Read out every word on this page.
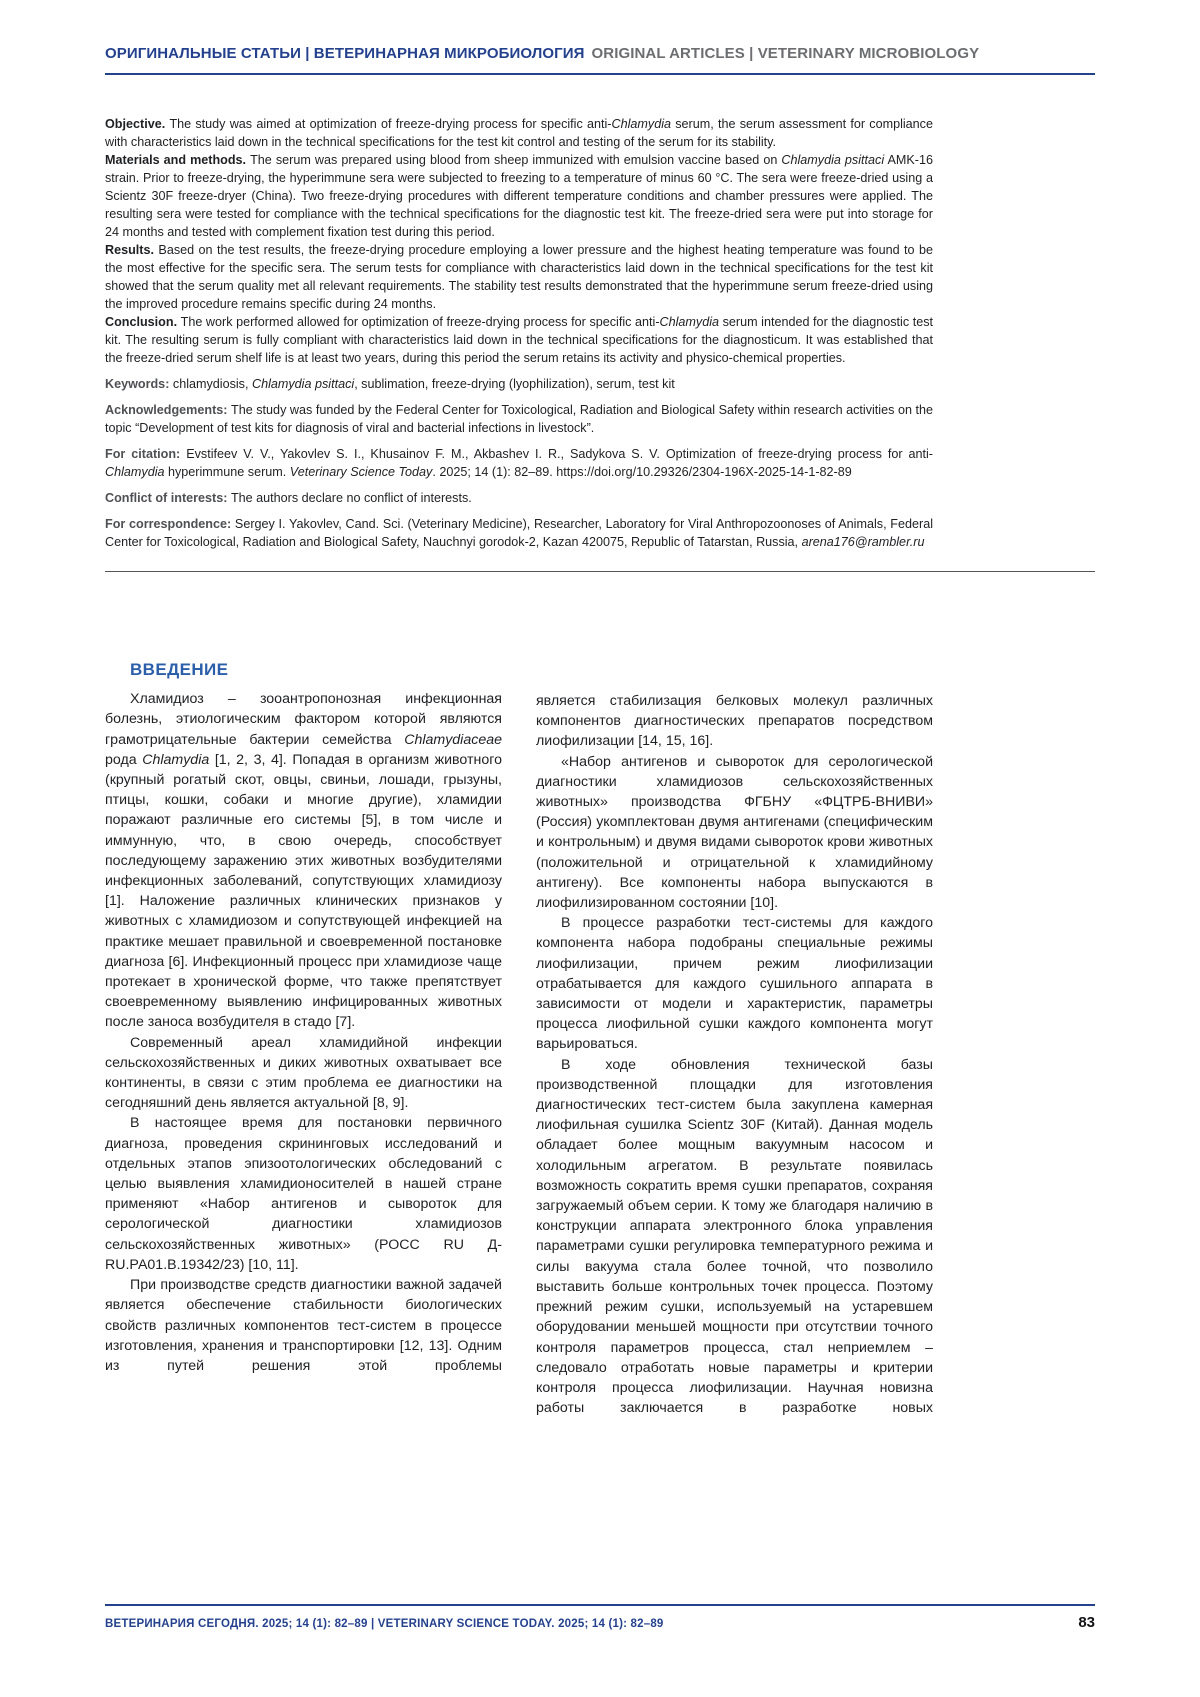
ОРИГИНАЛЬНЫЕ СТАТЬИ | ВЕТЕРИНАРНАЯ МИКРОБИОЛОГИЯ ORIGINAL ARTICLES | VETERINARY MICROBIOLOGY

Objective. The study was aimed at optimization of freeze-drying process for specific anti-Chlamydia serum, the serum assessment for compliance with characteristics laid down in the technical specifications for the test kit control and testing of the serum for its stability.

Materials and methods. The serum was prepared using blood from sheep immunized with emulsion vaccine based on Chlamydia psittaci AMK-16 strain. Prior to freeze-drying, the hyperimmune sera were subjected to freezing to a temperature of minus 60 °C. The sera were freeze-dried using a Scientz 30F freeze-dryer (China). Two freeze-drying procedures with different temperature conditions and chamber pressures were applied. The resulting sera were tested for compliance with the technical specifications for the diagnostic test kit. The freeze-dried sera were put into storage for 24 months and tested with complement fixation test during this period.

Results. Based on the test results, the freeze-drying procedure employing a lower pressure and the highest heating temperature was found to be the most effective for the specific sera. The serum tests for compliance with characteristics laid down in the technical specifications for the test kit showed that the serum quality met all relevant requirements. The stability test results demonstrated that the hyperimmune serum freeze-dried using the improved procedure remains specific during 24 months.

Conclusion. The work performed allowed for optimization of freeze-drying process for specific anti-Chlamydia serum intended for the diagnostic test kit. The resulting serum is fully compliant with characteristics laid down in the technical specifications for the diagnosticum. It was established that the freeze-dried serum shelf life is at least two years, during this period the serum retains its activity and physico-chemical properties.

Keywords: chlamydiosis, Chlamydia psittaci, sublimation, freeze-drying (lyophilization), serum, test kit

Acknowledgements: The study was funded by the Federal Center for Toxicological, Radiation and Biological Safety within research activities on the topic “Development of test kits for diagnosis of viral and bacterial infections in livestock”.

For citation: Evstifeev V. V., Yakovlev S. I., Khusainov F. M., Akbashev I. R., Sadykova S. V. Optimization of freeze-drying process for anti-Chlamydia hyperimmune serum. Veterinary Science Today. 2025; 14 (1): 82–89. https://doi.org/10.29326/2304-196X-2025-14-1-82-89

Conflict of interests: The authors declare no conflict of interests.

For correspondence: Sergey I. Yakovlev, Cand. Sci. (Veterinary Medicine), Researcher, Laboratory for Viral Anthropozoonoses of Animals, Federal Center for Toxicological, Radiation and Biological Safety, Nauchnyi gorodok-2, Kazan 420075, Republic of Tatarstan, Russia, arena176@rambler.ru

ВВЕДЕНИЕ

Хламидиоз – зооантропонозная инфекционная болезнь, этиологическим фактором которой являются грамотрицательные бактерии семейства Chlamydiaceae рода Chlamydia [1, 2, 3, 4]. Попадая в организм животного (крупный рогатый скот, овцы, свиньи, лошади, грызуны, птицы, кошки, собаки и многие другие), хламидии поражают различные его системы [5], в том числе и иммунную, что, в свою очередь, способствует последующему заражению этих животных возбудителями инфекционных заболеваний, сопутствующих хламидиозу [1]. Наложение различных клинических признаков у животных с хламидиозом и сопутствующей инфекцией на практике мешает правильной и своевременной постановке диагноза [6]. Инфекционный процесс при хламидиозе чаще протекает в хронической форме, что также препятствует своевременному выявлению инфицированных животных после заноса возбудителя в стадо [7].

Современный ареал хламидийной инфекции сельскохозяйственных и диких животных охватывает все континенты, в связи с этим проблема ее диагностики на сегодняшний день является актуальной [8, 9].

В настоящее время для постановки первичного диагноза, проведения скрининговых исследований и отдельных этапов эпизоотологических обследований с целью выявления хламидионосителей в нашей стране применяют «Набор антигенов и сывороток для серологической диагностики хламидиозов сельскохозяйственных животных» (РОСС RU Д-RU.РА01.В.19342/23) [10, 11].

При производстве средств диагностики важной задачей является обеспечение стабильности биологических свойств различных компонентов тест-систем в процессе изготовления, хранения и транспортировки [12, 13]. Одним из путей решения этой проблемы

является стабилизация белковых молекул различных компонентов диагностических препаратов посредством лиофилизации [14, 15, 16].

«Набор антигенов и сывороток для серологической диагностики хламидиозов сельскохозяйственных животных» производства ФГБНУ «ФЦТРБ-ВНИВИ» (Россия) укомплектован двумя антигенами (специфическим и контрольным) и двумя видами сывороток крови животных (положительной и отрицательной к хламидийному антигену). Все компоненты набора выпускаются в лиофилизированном состоянии [10].

В процессе разработки тест-системы для каждого компонента набора подобраны специальные режимы лиофилизации, причем режим лиофилизации отрабатывается для каждого сушильного аппарата в зависимости от модели и характеристик, параметры процесса лиофильной сушки каждого компонента могут варьироваться.

В ходе обновления технической базы производственной площадки для изготовления диагностических тест-систем была закуплена камерная лиофильная сушилка Scientz 30F (Китай). Данная модель обладает более мощным вакуумным насосом и холодильным агрегатом. В результате появилась возможность сократить время сушки препаратов, сохраняя загружаемый объем серии. К тому же благодаря наличию в конструкции аппарата электронного блока управления параметрами сушки регулировка температурного режима и силы вакуума стала более точной, что позволило выставить больше контрольных точек процесса. Поэтому прежний режим сушки, используемый на устаревшем оборудовании меньшей мощности при отсутствии точного контроля параметров процесса, стал неприемлем – следовало отработать новые параметры и критерии контроля процесса лиофилизации. Научная новизна работы заключается в разработке новых

ВЕТЕРИНАРИЯ СЕГОДНЯ. 2025; 14 (1): 82–89 | VETERINARY SCIENCE TODAY. 2025; 14 (1): 82–89	83
